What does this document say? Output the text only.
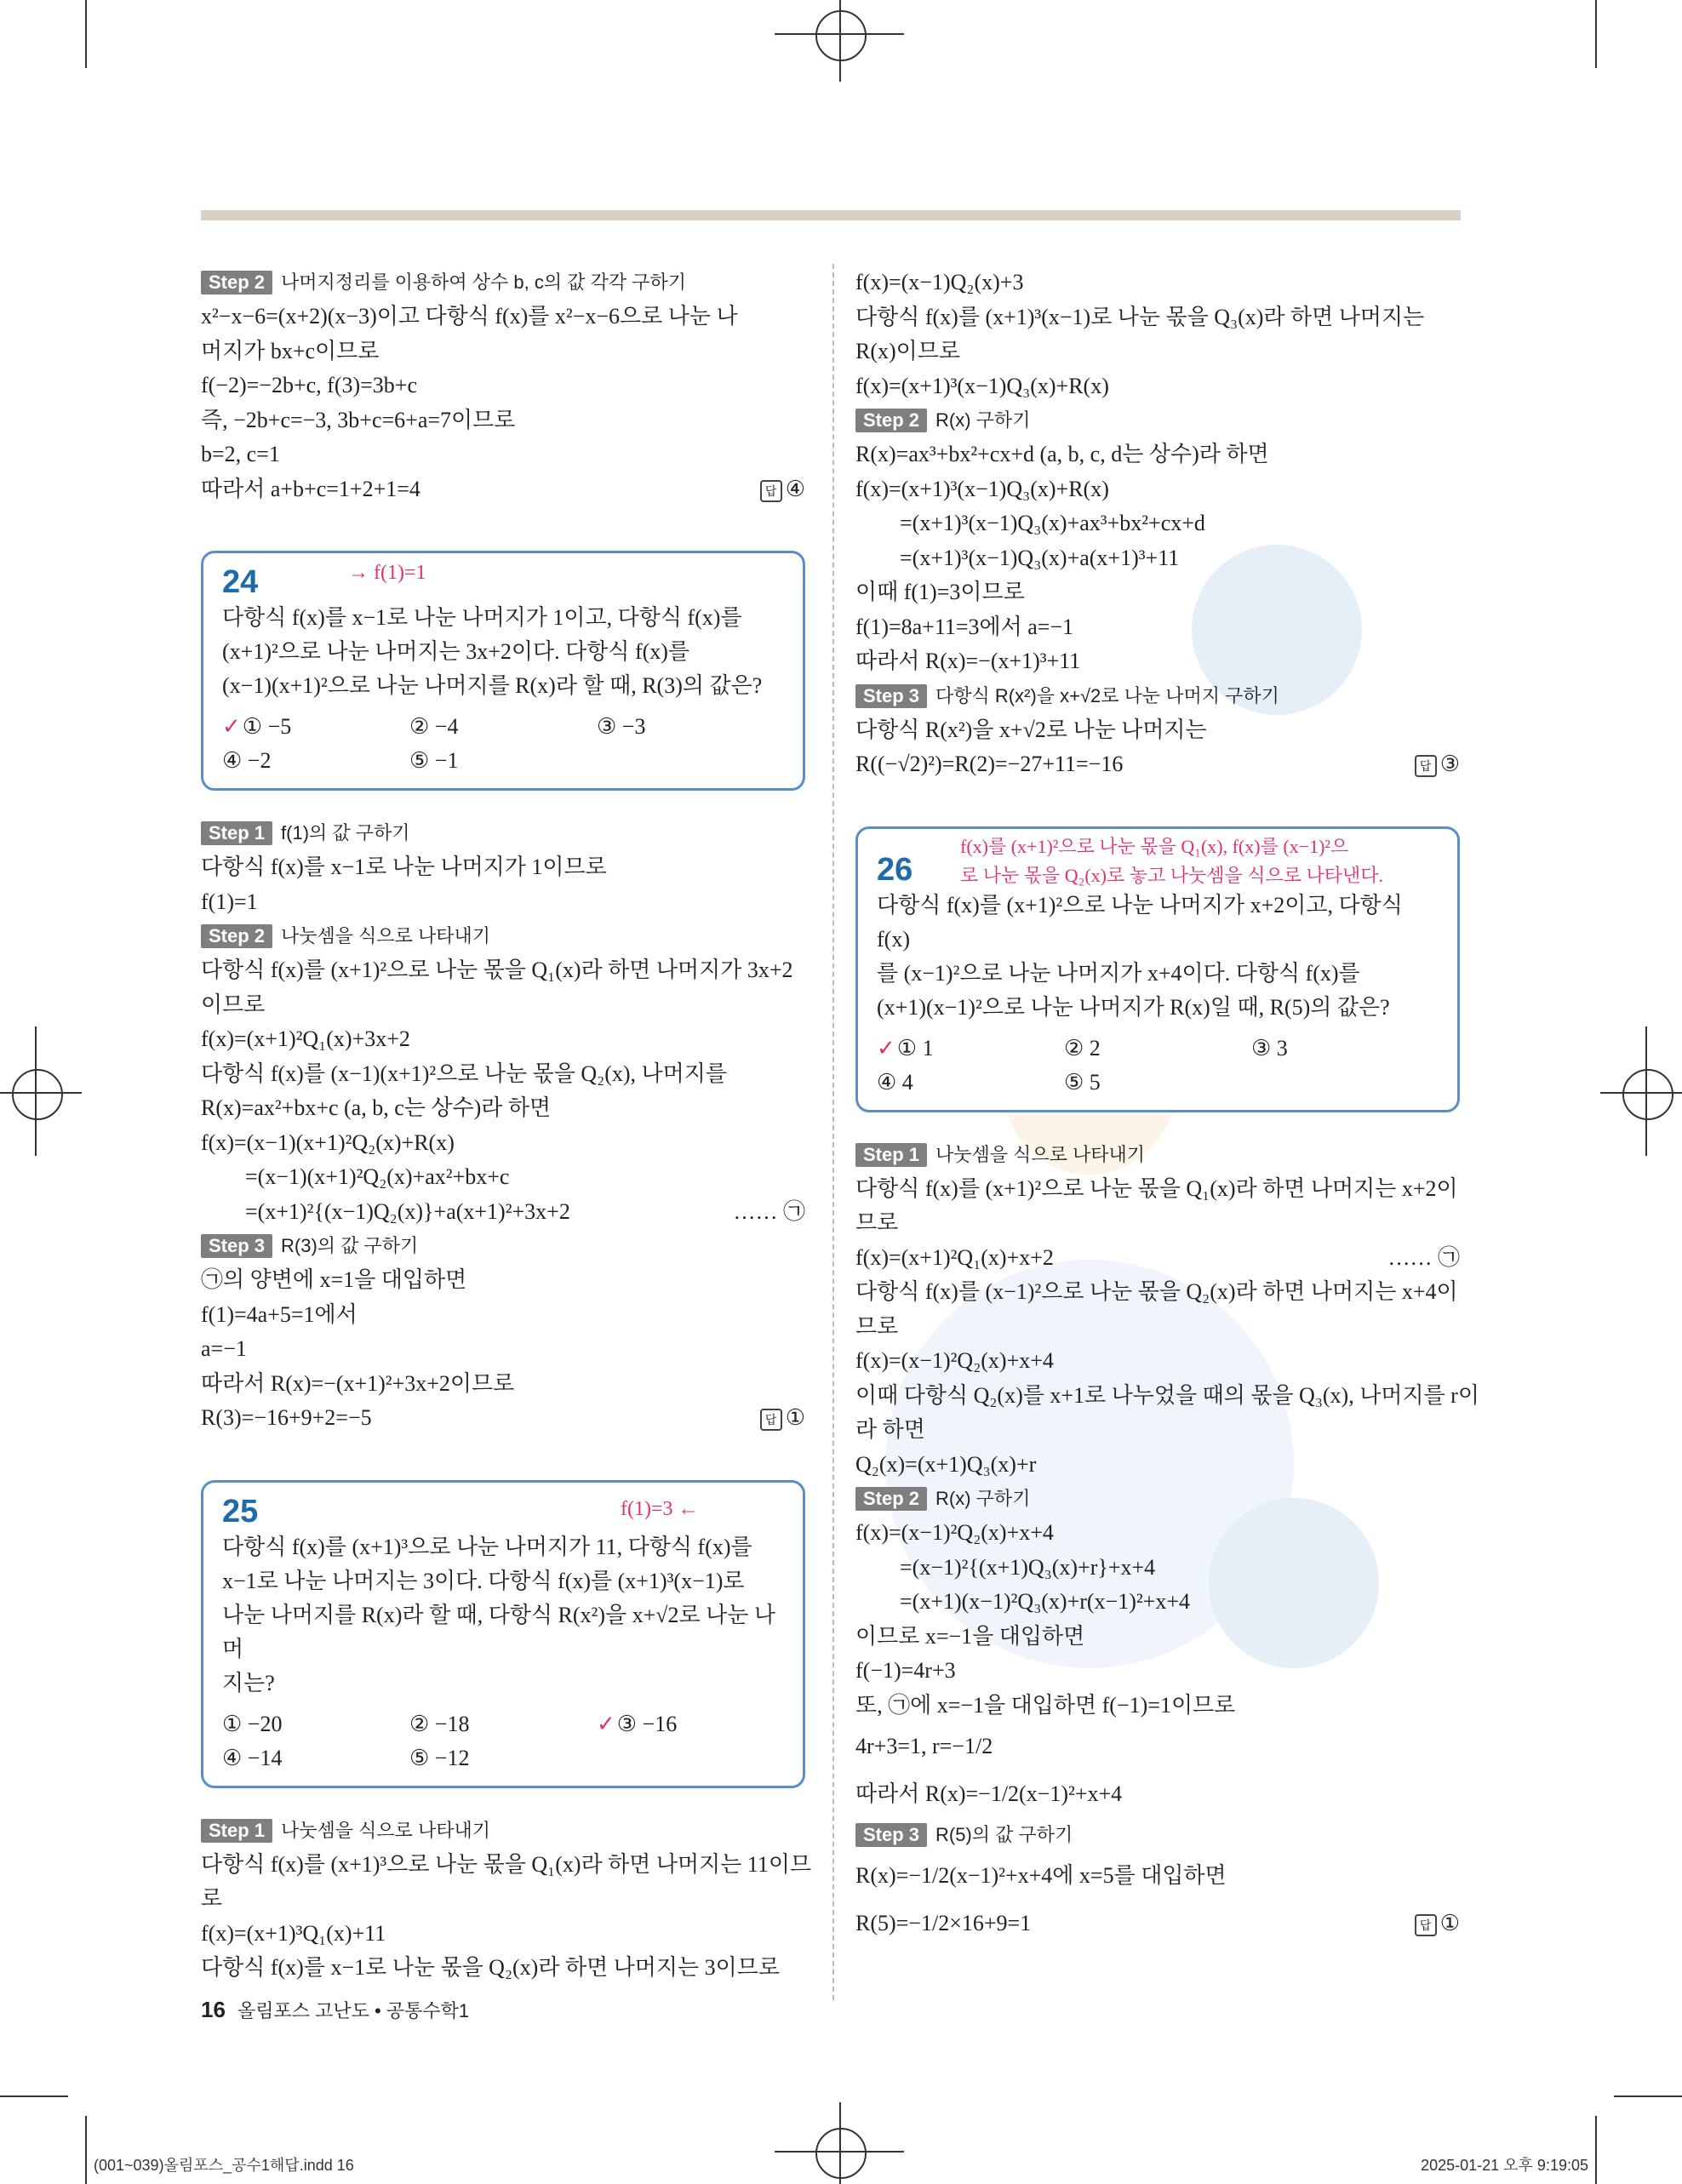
Step 2 나머지정리를 이용하여 상수 b, c의 값 각각 구하기
x²−x−6=(x+2)(x−3)이고 다항식 f(x)를 x²−x−6으로 나눈 나
머지가 bx+c이므로
f(−2)=−2b+c, f(3)=3b+c
즉, −2b+c=−3, 3b+c=6+a=7이므로
b=2, c=1
따라서 a+b+c=1+2+1=4	답 ④
24	→ f(1)=1
다항식 f(x)를 x−1로 나눈 나머지가 1이고, 다항식 f(x)를
(x+1)²으로 나눈 나머지는 3x+2이다. 다항식 f(x)를
(x−1)(x+1)²으로 나눈 나머지를 R(x)라 할 때, R(3)의 값은?
✓① −5	② −4	③ −3
④ −2	⑤ −1
Step 1 f(1)의 값 구하기
다항식 f(x)를 x−1로 나눈 나머지가 1이므로
f(1)=1
Step 2 나눗셈을 식으로 나타내기
다항식 f(x)를 (x+1)²으로 나눈 몫을 Q₁(x)라 하면 나머지가 3x+2
이므로
f(x)=(x+1)²Q₁(x)+3x+2
다항식 f(x)를 (x−1)(x+1)²으로 나눈 몫을 Q₂(x), 나머지를
R(x)=ax²+bx+c (a, b, c는 상수)라 하면
f(x)=(x−1)(x+1)²Q₂(x)+R(x)
=(x−1)(x+1)²Q₂(x)+ax²+bx+c
=(x+1)²{(x−1)Q₂(x)}+a(x+1)²+3x+2	…… ㉠
Step 3 R(3)의 값 구하기
㉠의 양변에 x=1을 대입하면
f(1)=4a+5=1에서
a=−1
따라서 R(x)=−(x+1)²+3x+2이므로
R(3)=−16+9+2=−5	답 ①
25	f(1)=3 ←
다항식 f(x)를 (x+1)³으로 나눈 나머지가 11, 다항식 f(x)를
x−1로 나눈 나머지는 3이다. 다항식 f(x)를 (x+1)³(x−1)로
나눈 나머지를 R(x)라 할 때, 다항식 R(x²)을 x+√2로 나눈 나머
지는?
① −20	② −18	✓③ −16
④ −14	⑤ −12
Step 1 나눗셈을 식으로 나타내기
다항식 f(x)를 (x+1)³으로 나눈 몫을 Q₁(x)라 하면 나머지는 11이므
로
f(x)=(x+1)³Q₁(x)+11
다항식 f(x)를 x−1로 나눈 몫을 Q₂(x)라 하면 나머지는 3이므로
f(x)=(x−1)Q₂(x)+3
다항식 f(x)를 (x+1)³(x−1)로 나눈 몫을 Q₃(x)라 하면 나머지는
R(x)이므로
f(x)=(x+1)³(x−1)Q₃(x)+R(x)
Step 2 R(x) 구하기
R(x)=ax³+bx²+cx+d (a, b, c, d는 상수)라 하면
f(x)=(x+1)³(x−1)Q₃(x)+R(x)
=(x+1)³(x−1)Q₃(x)+ax³+bx²+cx+d
=(x+1)³(x−1)Q₃(x)+a(x+1)³+11
이때 f(1)=3이므로
f(1)=8a+11=3에서 a=−1
따라서 R(x)=−(x+1)³+11
Step 3 다항식 R(x²)을 x+√2로 나눈 나머지 구하기
다항식 R(x²)을 x+√2로 나눈 나머지는
R((−√2)²)=R(2)=−27+11=−16	답 ③
26
f(x)를 (x+1)²으로 나눈 몫을 Q₁(x), f(x)를 (x−1)²으
로 나눈 몫을 Q₂(x)로 놓고 나눗셈을 식으로 나타낸다.
다항식 f(x)를 (x+1)²으로 나눈 나머지가 x+2이고, 다항식 f(x)
를 (x−1)²으로 나눈 나머지가 x+4이다. 다항식 f(x)를
(x+1)(x−1)²으로 나눈 나머지가 R(x)일 때, R(5)의 값은?
✓① 1	② 2	③ 3
④ 4	⑤ 5
Step 1 나눗셈을 식으로 나타내기
다항식 f(x)를 (x+1)²으로 나눈 몫을 Q₁(x)라 하면 나머지는 x+2이
므로
f(x)=(x+1)²Q₁(x)+x+2	…… ㉠
다항식 f(x)를 (x−1)²으로 나눈 몫을 Q₂(x)라 하면 나머지는 x+4이
므로
f(x)=(x−1)²Q₂(x)+x+4
이때 다항식 Q₂(x)를 x+1로 나누었을 때의 몫을 Q₃(x), 나머지를 r이
라 하면
Q₂(x)=(x+1)Q₃(x)+r
Step 2 R(x) 구하기
f(x)=(x−1)²Q₂(x)+x+4
=(x−1)²{(x+1)Q₃(x)+r}+x+4
=(x+1)(x−1)²Q₃(x)+r(x−1)²+x+4
이므로 x=−1을 대입하면
f(−1)=4r+3
또, ㉠에 x=−1을 대입하면 f(−1)=1이므로
4r+3=1, r=−1/2
따라서 R(x)=−1/2(x−1)²+x+4
Step 3 R(5)의 값 구하기
R(x)=−1/2(x−1)²+x+4에 x=5를 대입하면
R(5)=−1/2×16+9=1	답 ①
16 올림포스 고난도 • 공통수학1
(001~039)올림포스_공수1해답.indd 16	2025-01-21 오후 9:19:05
